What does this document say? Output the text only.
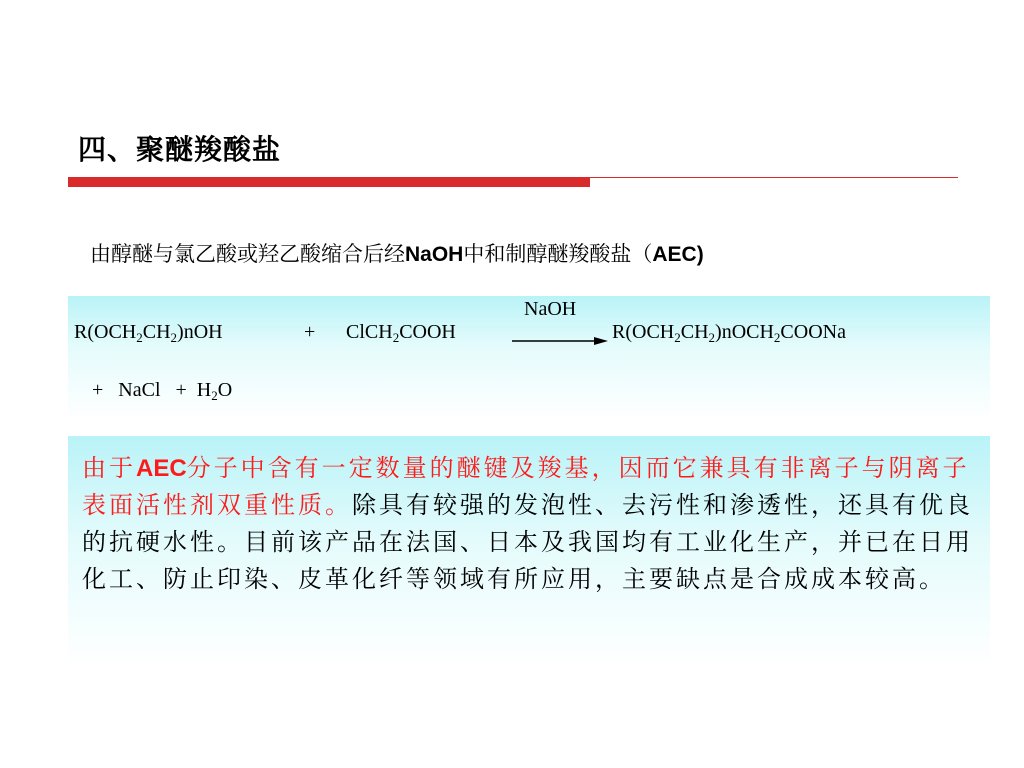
四、聚醚羧酸盐
由醇醚与氯乙酸或羟乙酸缩合后经NaOH中和制醇醚羧酸盐（AEC)
NaOH
$R(OCH_2CH_2)nOH$	+ ClCH$_2$COOH	$R(OCH_2CH_2)nOCH_2COONa$
+ NaCl + $H_2O$
由于AEC分子中含有一定数量的醚键及羧基，因而它兼具有非离子与阴离子表面活性剂双重性质。除具有较强的发泡性、去污性和渗透性，还具有优良的抗硬水性。目前该产品在法国、日本及我国均有工业化生产，并已在日用化工、防止印染、皮革化纤等领域有所应用，主要缺点是合成成本较高。
